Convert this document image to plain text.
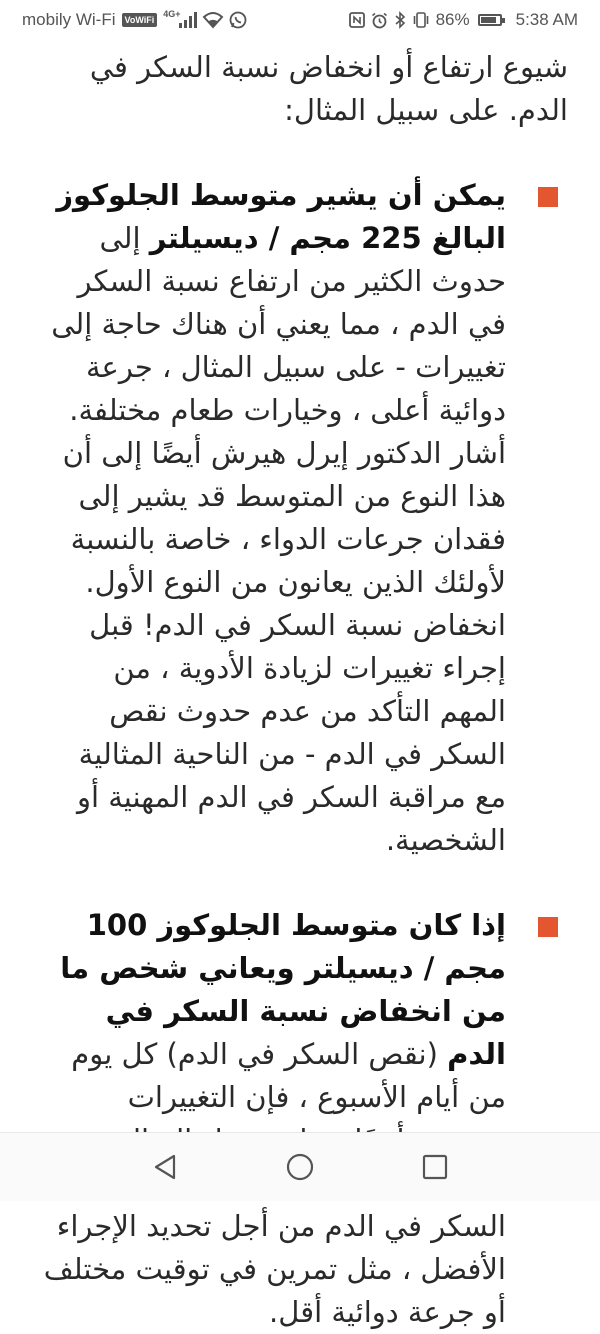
mobily Wi-Fi	VoWiFi
4G+	86%	5:38 AM

شيوع ارتفاع أو انخفاض نسبة السكر في الدم. على سبيل المثال:

يمكن أن يشير متوسط الجلوكوز البالغ 225 مجم / ديسيلتر إلى حدوث الكثير من ارتفاع نسبة السكر في الدم ، مما يعني أن هناك حاجة إلى تغييرات - على سبيل المثال ، جرعة دوائية أعلى ، وخيارات طعام مختلفة. أشار الدكتور إيرل هيرش أيضًا إلى أن هذا النوع من المتوسط قد يشير إلى فقدان جرعات الدواء ، خاصة بالنسبة لأولئك الذين يعانون من النوع الأول. انخفاض نسبة السكر في الدم! قبل إجراء تغييرات لزيادة الأدوية ، من المهم التأكد من عدم حدوث نقص السكر في الدم - من الناحية المثالية مع مراقبة السكر في الدم المهنية أو الشخصية.
إذا كان متوسط الجلوكوز 100 مجم / ديسيلتر ويعاني شخص ما من انخفاض نسبة السكر في الدم (نقص السكر في الدم) كل يوم من أيام الأسبوع ، فإن التغييرات السكر في الدم من أجل تحديد الإجراء الأفضل ، مثل تمرين في توقيت مختلف أو جرعة دوائية أقل.
